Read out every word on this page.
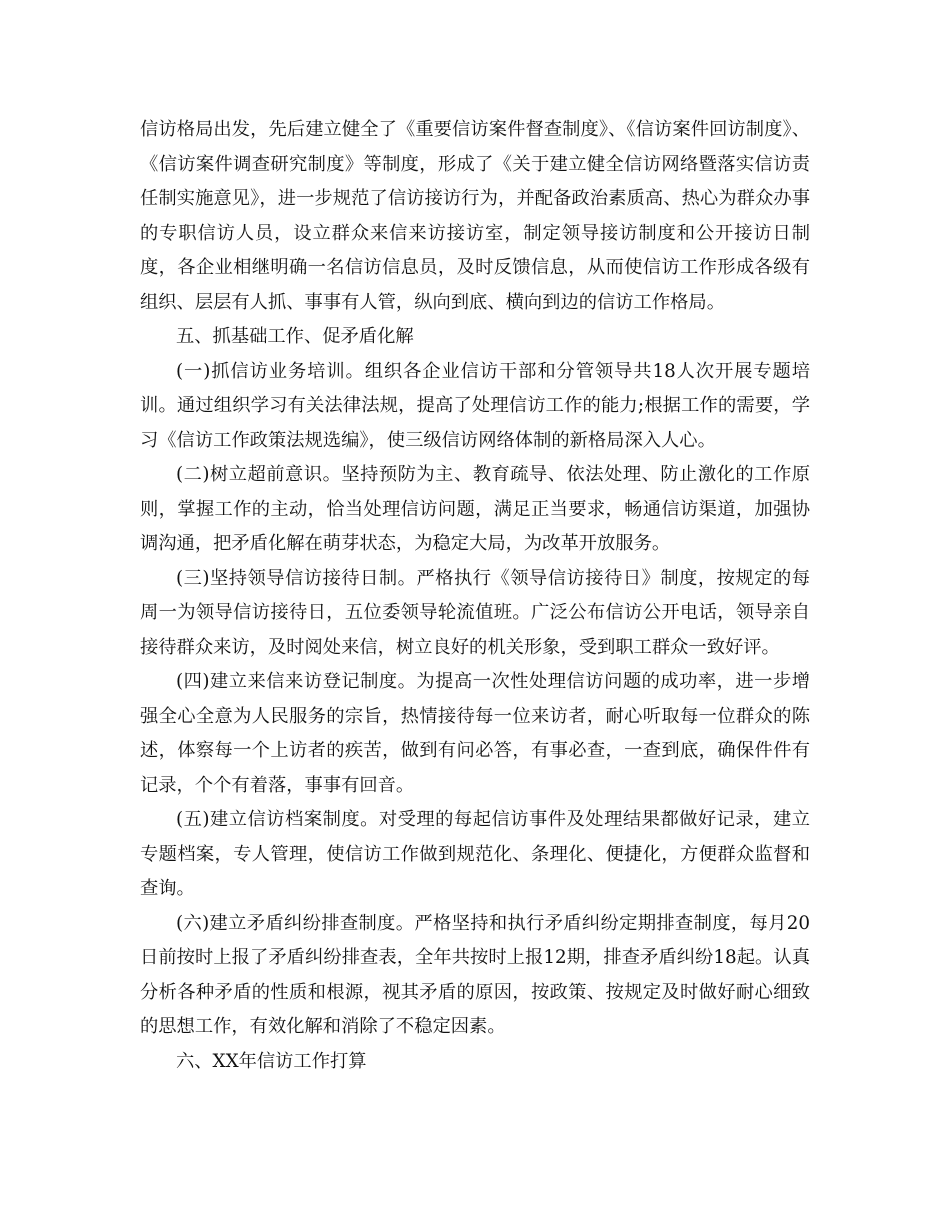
信访格局出发，先后建立健全了《重要信访案件督查制度》、《信访案件回访制度》、《信访案件调查研究制度》等制度，形成了《关于建立健全信访网络暨落实信访责任制实施意见》，进一步规范了信访接访行为，并配备政治素质高、热心为群众办事的专职信访人员，设立群众来信来访接访室，制定领导接访制度和公开接访日制度，各企业相继明确一名信访信息员，及时反馈信息，从而使信访工作形成各级有组织、层层有人抓、事事有人管，纵向到底、横向到边的信访工作格局。

五、抓基础工作、促矛盾化解

(一)抓信访业务培训。组织各企业信访干部和分管领导共18人次开展专题培训。通过组织学习有关法律法规，提高了处理信访工作的能力;根据工作的需要，学习《信访工作政策法规选编》，使三级信访网络体制的新格局深入人心。

(二)树立超前意识。坚持预防为主、教育疏导、依法处理、防止激化的工作原则，掌握工作的主动，恰当处理信访问题，满足正当要求，畅通信访渠道，加强协调沟通，把矛盾化解在萌芽状态，为稳定大局，为改革开放服务。

(三)坚持领导信访接待日制。严格执行《领导信访接待日》制度，按规定的每周一为领导信访接待日，五位委领导轮流值班。广泛公布信访公开电话，领导亲自接待群众来访，及时阅处来信，树立良好的机关形象，受到职工群众一致好评。

(四)建立来信来访登记制度。为提高一次性处理信访问题的成功率，进一步增强全心全意为人民服务的宗旨，热情接待每一位来访者，耐心听取每一位群众的陈述，体察每一个上访者的疾苦，做到有问必答，有事必查，一查到底，确保件件有记录，个个有着落，事事有回音。

(五)建立信访档案制度。对受理的每起信访事件及处理结果都做好记录，建立专题档案，专人管理，使信访工作做到规范化、条理化、便捷化，方便群众监督和查询。

(六)建立矛盾纠纷排查制度。严格坚持和执行矛盾纠纷定期排查制度，每月20日前按时上报了矛盾纠纷排查表，全年共按时上报12期，排查矛盾纠纷18起。认真分析各种矛盾的性质和根源，视其矛盾的原因，按政策、按规定及时做好耐心细致的思想工作，有效化解和消除了不稳定因素。

六、XX年信访工作打算
